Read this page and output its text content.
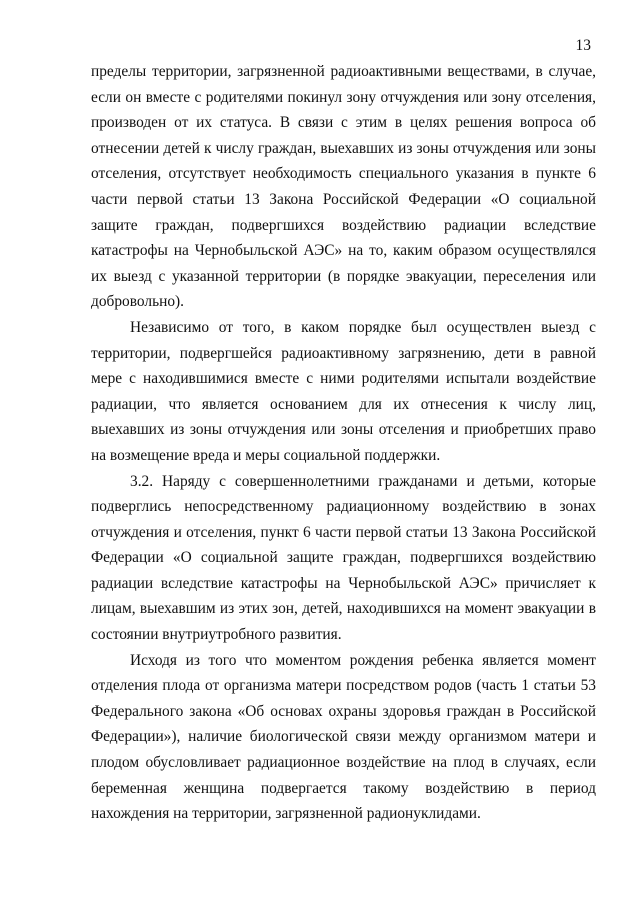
13

пределы территории, загрязненной радиоактивными веществами, в случае, если он вместе с родителями покинул зону отчуждения или зону отселения, производен от их статуса. В связи с этим в целях решения вопроса об отнесении детей к числу граждан, выехавших из зоны отчуждения или зоны отселения, отсутствует необходимость специального указания в пункте 6 части первой статьи 13 Закона Российской Федерации «О социальной защите граждан, подвергшихся воздействию радиации вследствие катастрофы на Чернобыльской АЭС» на то, каким образом осуществлялся их выезд с указанной территории (в порядке эвакуации, переселения или добровольно).

Независимо от того, в каком порядке был осуществлен выезд с территории, подвергшейся радиоактивному загрязнению, дети в равной мере с находившимися вместе с ними родителями испытали воздействие радиации, что является основанием для их отнесения к числу лиц, выехавших из зоны отчуждения или зоны отселения и приобретших право на возмещение вреда и меры социальной поддержки.

3.2. Наряду с совершеннолетними гражданами и детьми, которые подверглись непосредственному радиационному воздействию в зонах отчуждения и отселения, пункт 6 части первой статьи 13 Закона Российской Федерации «О социальной защите граждан, подвергшихся воздействию радиации вследствие катастрофы на Чернобыльской АЭС» причисляет к лицам, выехавшим из этих зон, детей, находившихся на момент эвакуации в состоянии внутриутробного развития.

Исходя из того что моментом рождения ребенка является момент отделения плода от организма матери посредством родов (часть 1 статьи 53 Федерального закона «Об основах охраны здоровья граждан в Российской Федерации»), наличие биологической связи между организмом матери и плодом обусловливает радиационное воздействие на плод в случаях, если беременная женщина подвергается такому воздействию в период нахождения на территории, загрязненной радионуклидами.
